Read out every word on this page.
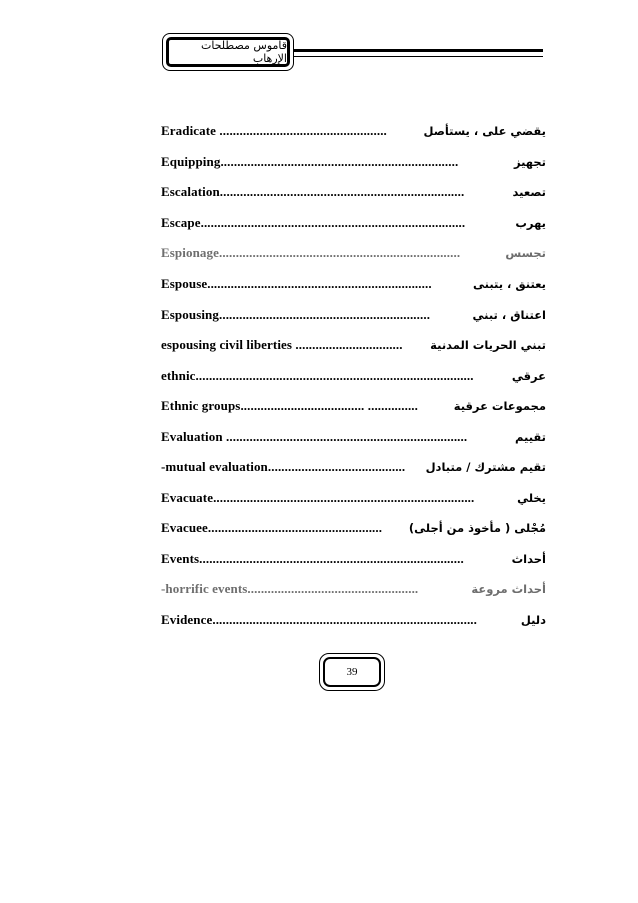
قاموس مصطلحات الإرهاب
Eradicate ..................................................	يقضي على ، يستأصل
Equipping.......................................................................	تجهيز
Escalation.........................................................................	تصعيد
Escape...............................................................................	يهرب
Espionage........................................................................	تجسس
Espouse...................................................................	يعتنق ، يتبنى
Espousing...............................................................	اعتناق ، تبني
espousing civil liberties ................................	تبني الحريات المدنية
ethnic...................................................................................	عرقي
Ethnic groups..................................... ...............	مجموعات عرقية
Evaluation ........................................................................	تقييم
-mutual evaluation.........................................	تقيم مشترك / متبادل
Evacuate..............................................................................	يخلي
Evacuee....................................................	مُجْلى ( مأخوذ من أجلى)
Events...............................................................................	أحداث
-horrific events...................................................	أحداث مروعة
Evidence...............................................................................	دليل
39
